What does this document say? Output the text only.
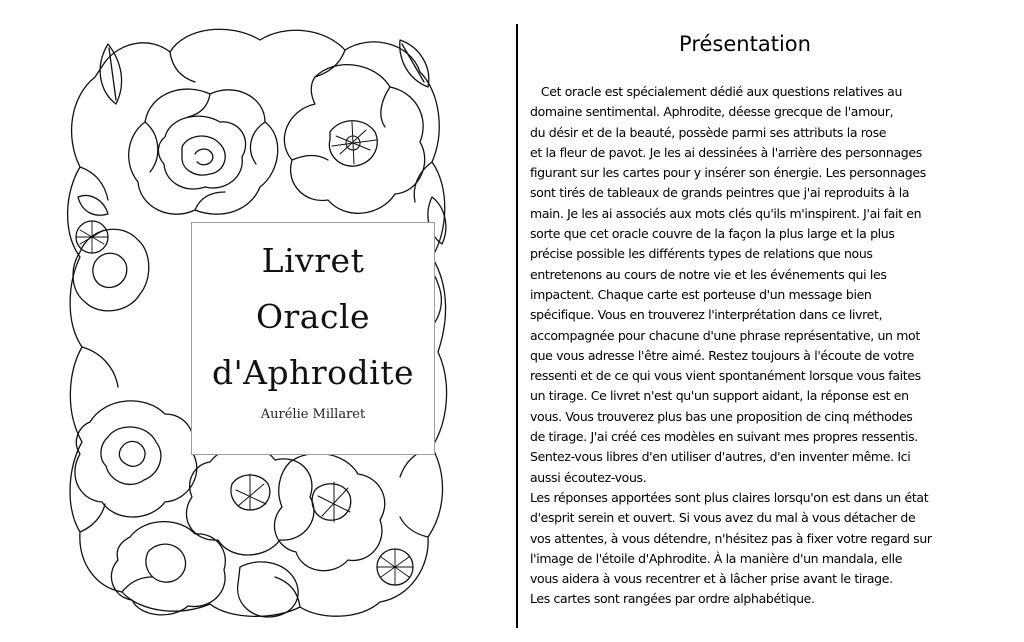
Livret
Oracle
d'Aphrodite
Aurélie Millaret
Présentation
Cet oracle est spécialement dédié aux questions relatives au
domaine sentimental. Aphrodite, déesse grecque de l'amour,
du désir et de la beauté, possède parmi ses attributs la rose
et la fleur de pavot. Je les ai dessinées à l'arrière des personnages
figurant sur les cartes pour y insérer son énergie. Les personnages
sont tirés de tableaux de grands peintres que j'ai reproduits à la
main. Je les ai associés aux mots clés qu'ils m'inspirent. J'ai fait en
sorte que cet oracle couvre de la façon la plus large et la plus
précise possible les différents types de relations que nous
entretenons au cours de notre vie et les événements qui les
impactent. Chaque carte est porteuse d'un message bien
spécifique. Vous en trouverez l'interprétation dans ce livret,
accompagnée pour chacune d'une phrase représentative, un mot
que vous adresse l'être aimé. Restez toujours à l'écoute de votre
ressenti et de ce qui vous vient spontanément lorsque vous faites
un tirage. Ce livret n'est qu'un support aidant, la réponse est en
vous. Vous trouverez plus bas une proposition de cinq méthodes
de tirage. J'ai créé ces modèles en suivant mes propres ressentis.
Sentez-vous libres d'en utiliser d'autres, d'en inventer même. Ici
aussi écoutez-vous.
Les réponses apportées sont plus claires lorsqu'on est dans un état
d'esprit serein et ouvert. Si vous avez du mal à vous détacher de
vos attentes, à vous détendre, n'hésitez pas à fixer votre regard sur
l'image de l'étoile d'Aphrodite. À la manière d'un mandala, elle
vous aidera à vous recentrer et à lâcher prise avant le tirage.
Les cartes sont rangées par ordre alphabétique.
